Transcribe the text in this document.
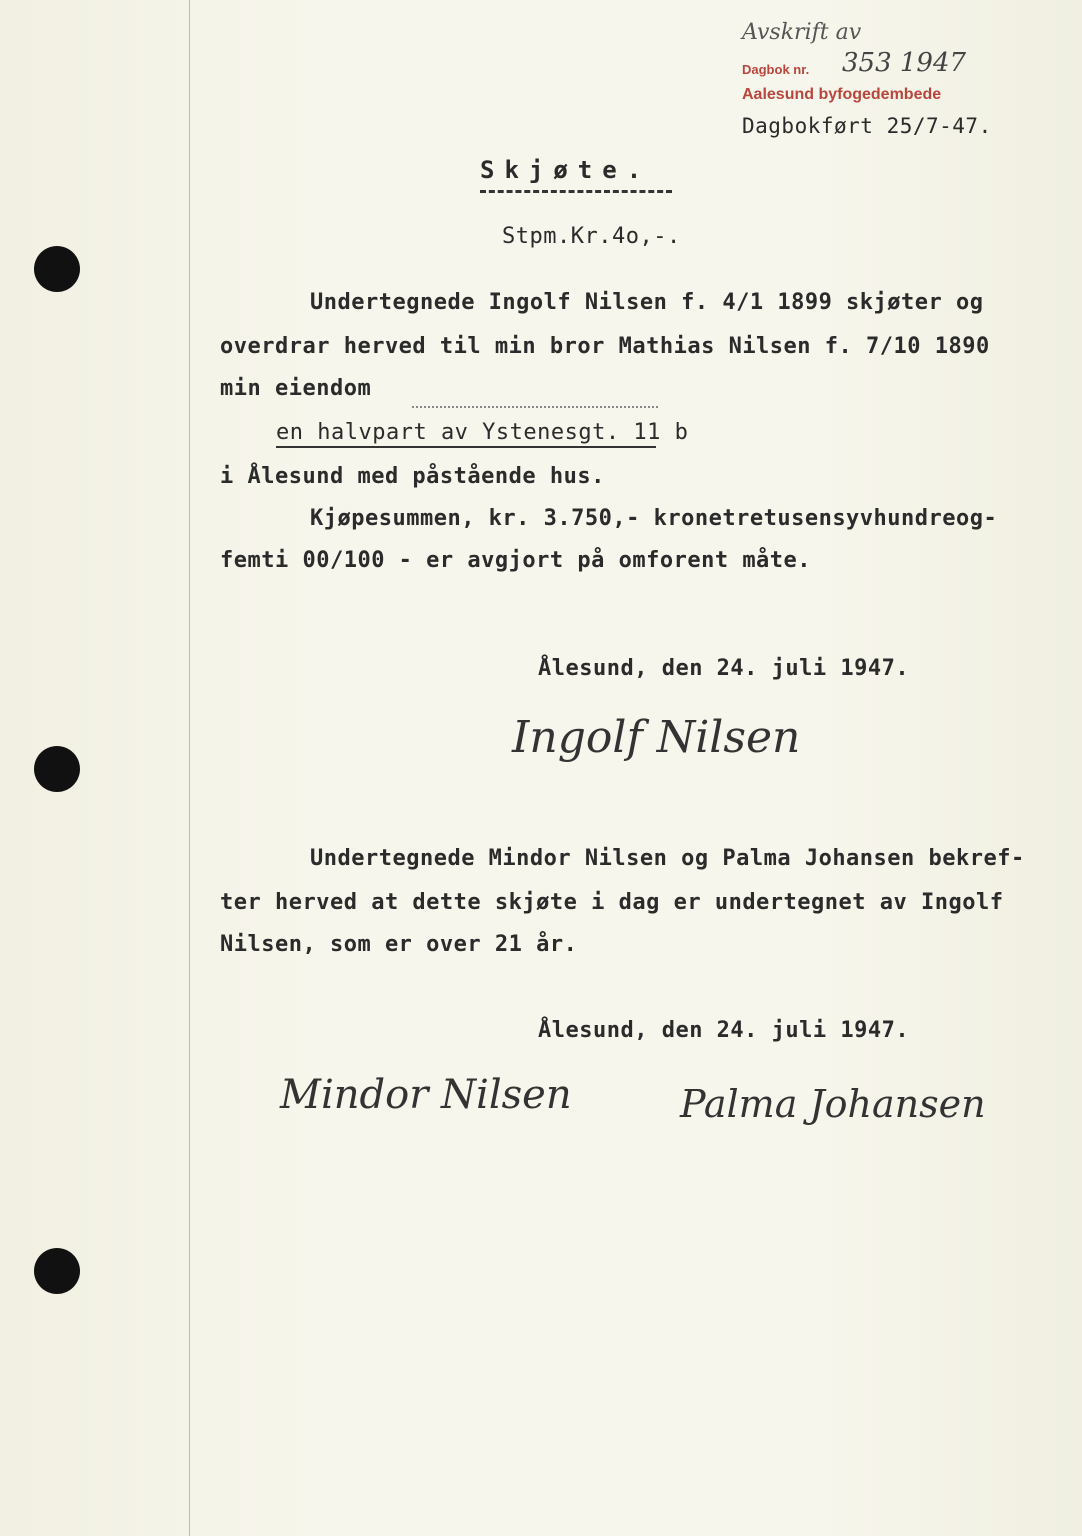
Avskrift av
Dagbok nr. 353 1947
Aalesund byfogedembede
Dagbokført 25/7-47.
Skjøte.
Stpm.Kr.4o,-.
Undertegnede Ingolf Nilsen f. 4/1 1899 skjøter og
overdrar herved til min bror Mathias Nilsen f. 7/10 1890
min eiendom
en halvpart av Ystenesgt. 11 b
i Ålesund med påstående hus.
Kjøpesummen, kr. 3.750,- kronetretusensyvhundreog-
femti 00/100 - er avgjort på omforent måte.
Ålesund, den 24. juli 1947.
Ingolf Nilsen
Undertegnede Mindor Nilsen og Palma Johansen bekref-
ter herved at dette skjøte i dag er undertegnet av Ingolf
Nilsen, som er over 21 år.
Ålesund, den 24. juli 1947.
Mindor Nilsen	Palma Johansen
